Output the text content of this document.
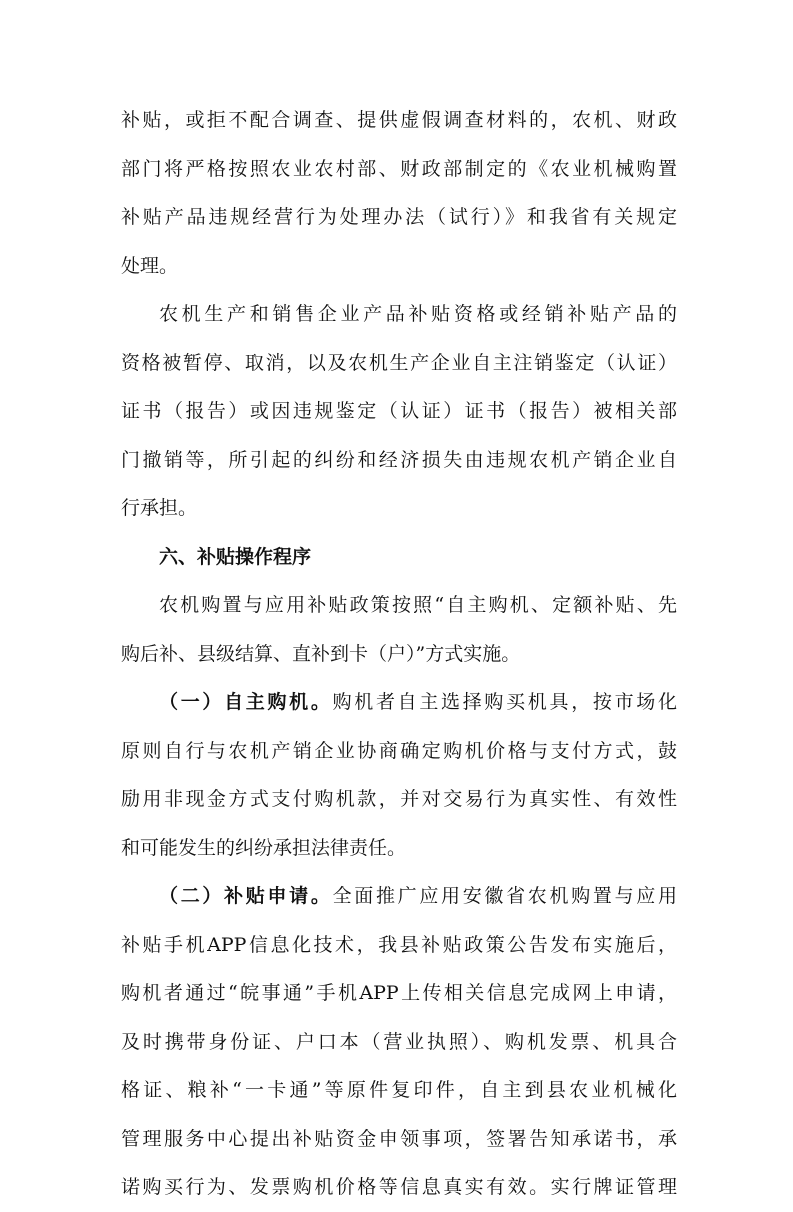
补贴，或拒不配合调查、提供虚假调查材料的，农机、财政
部门将严格按照农业农村部、财政部制定的《农业机械购置
补贴产品违规经营行为处理办法（试行）》和我省有关规定
处理。
农机生产和销售企业产品补贴资格或经销补贴产品的
资格被暂停、取消，以及农机生产企业自主注销鉴定（认证）
证书（报告）或因违规鉴定（认证）证书（报告）被相关部
门撤销等，所引起的纠纷和经济损失由违规农机产销企业自
行承担。
六、补贴操作程序
农机购置与应用补贴政策按照“自主购机、定额补贴、先
购后补、县级结算、直补到卡（户）”方式实施。
（一）自主购机。购机者自主选择购买机具，按市场化
原则自行与农机产销企业协商确定购机价格与支付方式，鼓
励用非现金方式支付购机款，并对交易行为真实性、有效性
和可能发生的纠纷承担法律责任。
（二）补贴申请。全面推广应用安徽省农机购置与应用
补贴手机APP信息化技术，我县补贴政策公告发布实施后，
购机者通过“皖事通”手机APP上传相关信息完成网上申请，
及时携带身份证、户口本（营业执照）、购机发票、机具合
格证、粮补“一卡通”等原件复印件，自主到县农业机械化
管理服务中心提出补贴资金申领事项，签署告知承诺书，承
诺购买行为、发票购机价格等信息真实有效。实行牌证管理
